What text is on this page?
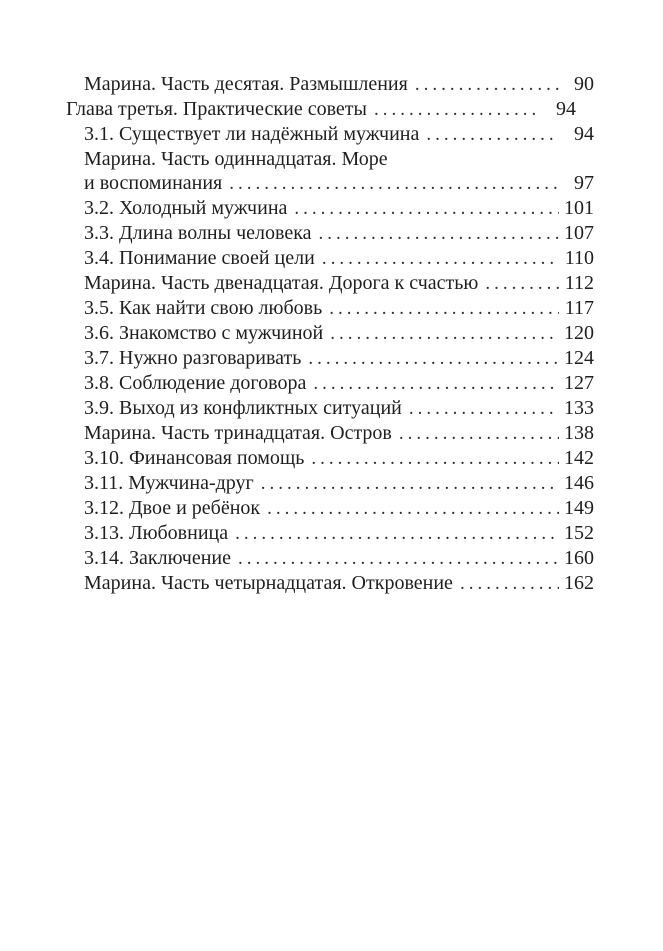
Марина. Часть десятая. Размышления .....	90
Глава третья. Практические советы .....	94
3.1. Существует ли надёжный мужчина .....	94
Марина. Часть одиннадцатая. Море
и воспоминания .....	97
3.2. Холодный мужчина .....	101
3.3. Длина волны человека .....	107
3.4. Понимание своей цели .....	110
Марина. Часть двенадцатая. Дорога к счастью .....	112
3.5. Как найти свою любовь .....	117
3.6. Знакомство с мужчиной .....	120
3.7. Нужно разговаривать .....	124
3.8. Соблюдение договора .....	127
3.9. Выход из конфликтных ситуаций .....	133
Марина. Часть тринадцатая. Остров .....	138
3.10. Финансовая помощь .....	142
3.11. Мужчина-друг .....	146
3.12. Двое и ребёнок .....	149
3.13. Любовница .....	152
3.14. Заключение .....	160
Марина. Часть четырнадцатая. Откровение .....	162
